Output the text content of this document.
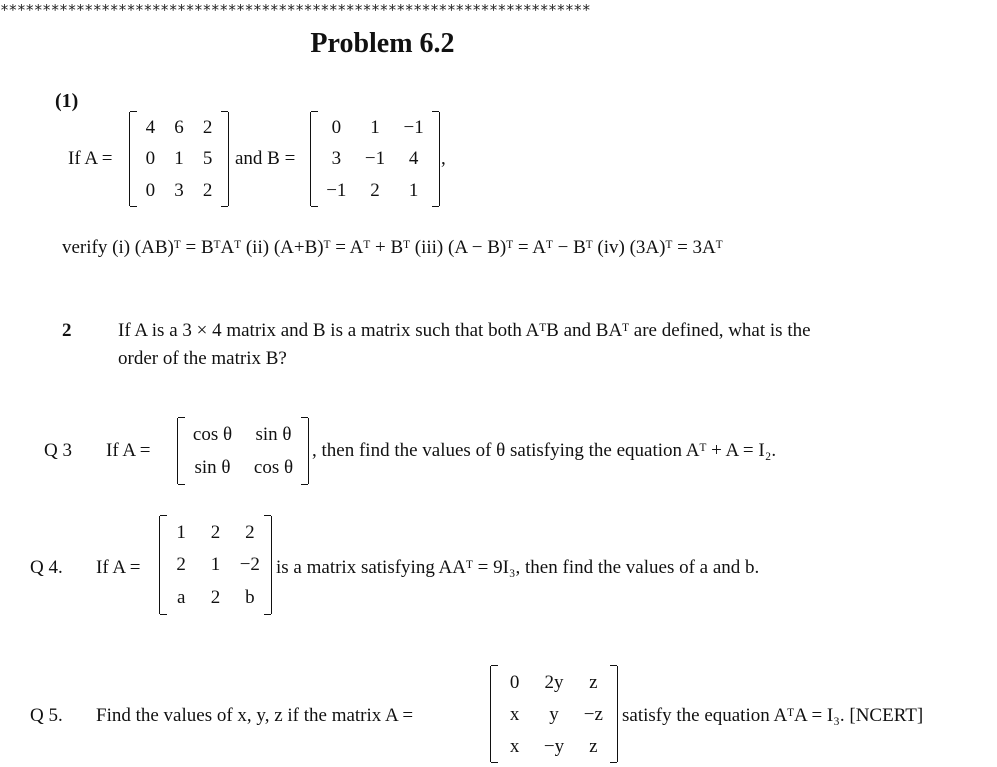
**********************************************************************
Problem 6.2
(1)
If A =
4	6	2
0	1	5
0	3	2
and B =
0	1	−1
3	−1	4
−1	2	1
,
verify (i) (AB)ᵀ = BᵀAᵀ (ii) (A+B)ᵀ = Aᵀ + Bᵀ (iii) (A − B)ᵀ = Aᵀ − Bᵀ (iv) (3A)ᵀ = 3Aᵀ
2 If A is a 3 × 4 matrix and B is a matrix such that both AᵀB and BAᵀ are defined, what is the
order of the matrix B?
Q 3 If A =
cos θ	sin θ
sin θ	cos θ
, then find the values of θ satisfying the equation Aᵀ + A = I₂.
Q 4. If A =
1	2	2
2	1	−2
a	2	b
is a matrix satisfying AAᵀ = 9I₃, then find the values of a and b.
Q 5. Find the values of x, y, z if the matrix A =
0	2y	z
x	y	−z
x	−y	z
satisfy the equation AᵀA = I₃. [NCERT]
